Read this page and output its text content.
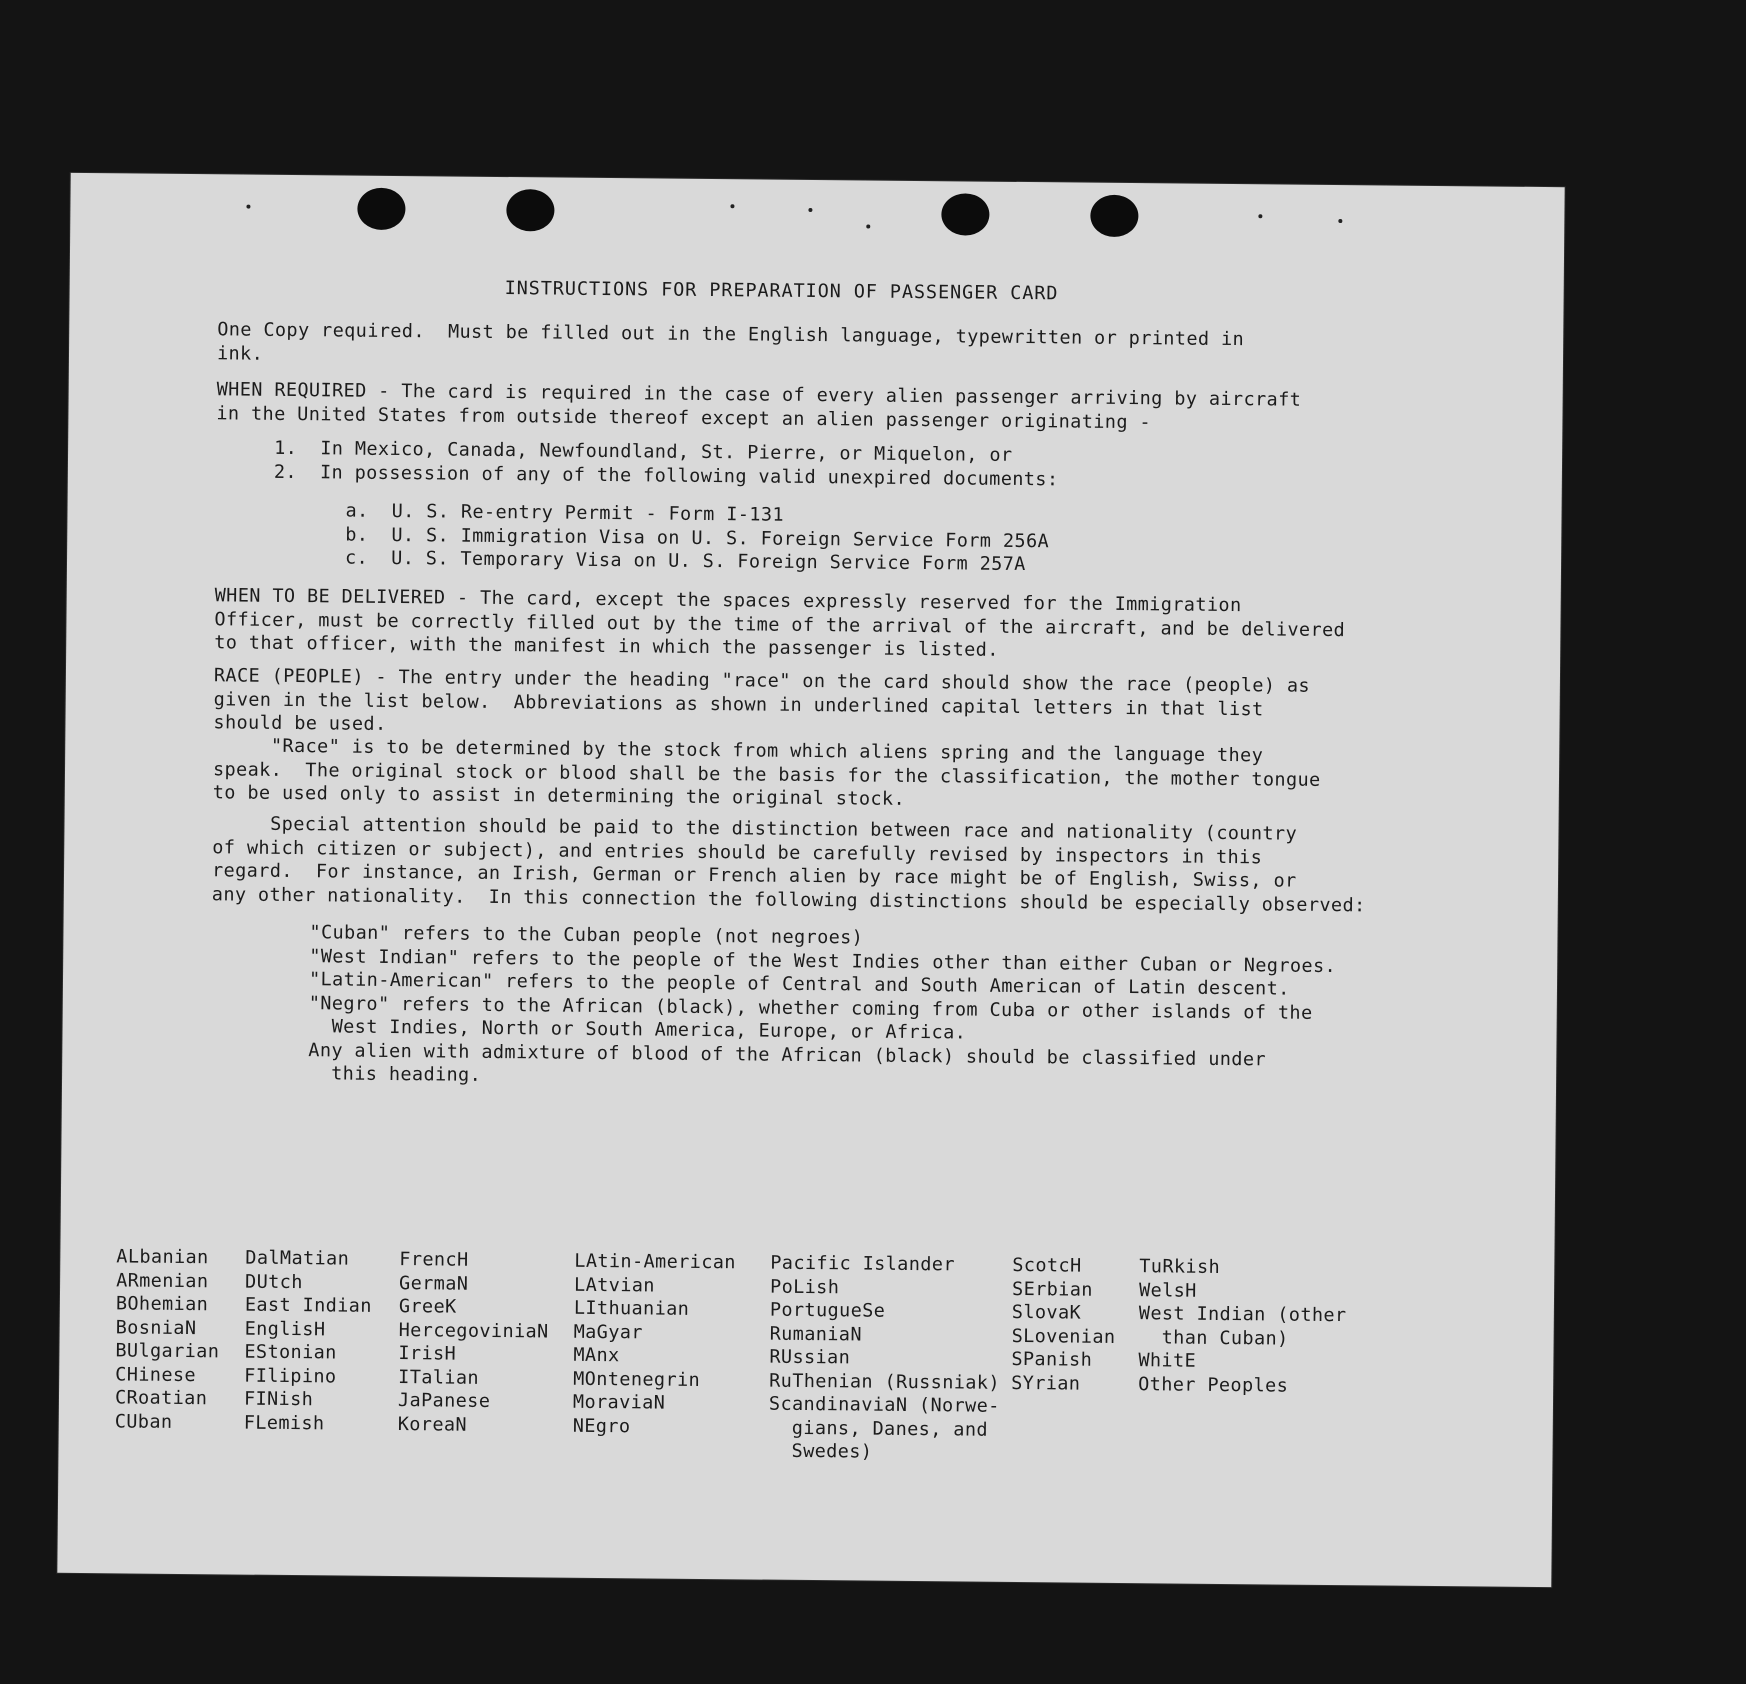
INSTRUCTIONS FOR PREPARATION OF PASSENGER CARD

One Copy required.  Must be filled out in the English language, typewritten or printed in
ink.

WHEN REQUIRED - The card is required in the case of every alien passenger arriving by aircraft
in the United States from outside thereof except an alien passenger originating -

1.  In Mexico, Canada, Newfoundland, St. Pierre, or Miquelon, or
2.  In possession of any of the following valid unexpired documents:

a.  U. S. Re-entry Permit - Form I-131
b.  U. S. Immigration Visa on U. S. Foreign Service Form 256A
c.  U. S. Temporary Visa on U. S. Foreign Service Form 257A

WHEN TO BE DELIVERED - The card, except the spaces expressly reserved for the Immigration
Officer, must be correctly filled out by the time of the arrival of the aircraft, and be delivered
to that officer, with the manifest in which the passenger is listed.

RACE (PEOPLE) - The entry under the heading "race" on the card should show the race (people) as
given in the list below.  Abbreviations as shown in underlined capital letters in that list
should be used.

"Race" is to be determined by the stock from which aliens spring and the language they
speak.  The original stock or blood shall be the basis for the classification, the mother tongue
to be used only to assist in determining the original stock.

Special attention should be paid to the distinction between race and nationality (country
of which citizen or subject), and entries should be carefully revised by inspectors in this
regard.  For instance, an Irish, German or French alien by race might be of English, Swiss, or
any other nationality.  In this connection the following distinctions should be especially observed:

"Cuban" refers to the Cuban people (not negroes)
"West Indian" refers to the people of the West Indies other than either Cuban or Negroes.
"Latin-American" refers to the people of Central and South American of Latin descent.
"Negro" refers to the African (black), whether coming from Cuba or other islands of the
West Indies, North or South America, Europe, or Africa.
Any alien with admixture of blood of the African (black) should be classified under
this heading.

ALbanian
ARmenian
BOhemian
BosniaN
BUlgarian
CHinese
CRoatian
CUban
DalMatian
DUtch
East Indian
EnglisH
EStonian
FIlipino
FINish
FLemish
FrencH
GermaN
GreeK
HercegoviniaN
IrisH
ITalian
JaPanese
KoreaN
LAtin-American
LAtvian
LIthuanian
MaGyar
MAnx
MOntenegrin
MoraviaN
NEgro
Pacific Islander
PoLish
PortugueSe
RumaniaN
RUssian
RuThenian (Russniak)
ScandinaviaN (Norwe-
gians, Danes, and
Swedes)
ScotcH
SErbian
SlovaK
SLovenian
SPanish
SYrian
TuRkish
WelsH
West Indian (other
than Cuban)
WhitE
Other Peoples
